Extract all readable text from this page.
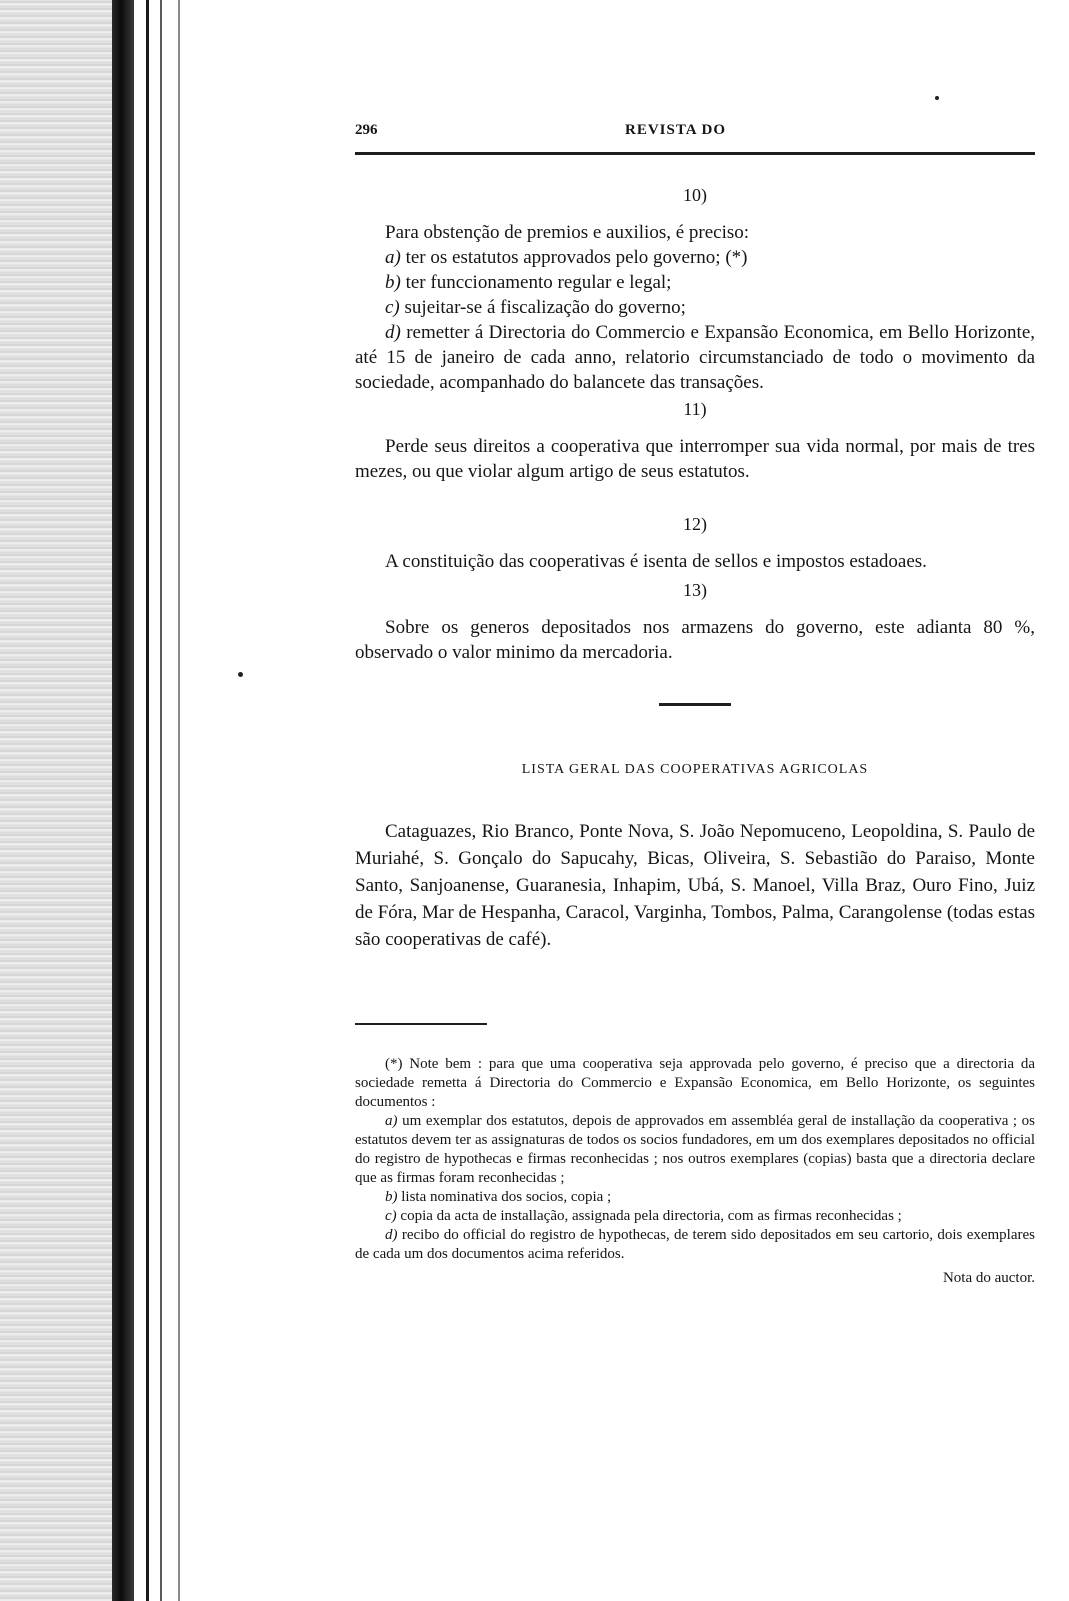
296	REVISTA DO
10)

Para obstenção de premios e auxilios, é preciso:

a) ter os estatutos approvados pelo governo; (*)

b) ter funccionamento regular e legal;

c) sujeitar-se á fiscalização do governo;

d) remetter á Directoria do Commercio e Expansão Economica, em Bello Horizonte, até 15 de janeiro de cada anno, relatorio circumstanciado de todo o movimento da sociedade, acompanhado do balancete das transações.

11)

Perde seus direitos a cooperativa que interromper sua vida normal, por mais de tres mezes, ou que violar algum artigo de seus estatutos.

12)

A constituição das cooperativas é isenta de sellos e impostos estadoaes.

13)

Sobre os generos depositados nos armazens do governo, este adianta 80 %, observado o valor minimo da mercadoria.

LISTA GERAL DAS COOPERATIVAS AGRICOLAS

Cataguazes, Rio Branco, Ponte Nova, S. João Nepomuceno, Leopoldina, S. Paulo de Muriahé, S. Gonçalo do Sapucahy, Bicas, Oliveira, S. Sebastião do Paraiso, Monte Santo, Sanjoanense, Guaranesia, Inhapim, Ubá, S. Manoel, Villa Braz, Ouro Fino, Juiz de Fóra, Mar de Hespanha, Caracol, Varginha, Tombos, Palma, Carangolense (todas estas são cooperativas de café).

(*) Note bem : para que uma cooperativa seja approvada pelo governo, é preciso que a directoria da sociedade remetta á Directoria do Commercio e Expansão Economica, em Bello Horizonte, os seguintes documentos :

a) um exemplar dos estatutos, depois de approvados em assembléa geral de installação da cooperativa ; os estatutos devem ter as assignaturas de todos os socios fundadores, em um dos exemplares depositados no official do registro de hypothecas e firmas reconhecidas ; nos outros exemplares (copias) basta que a directoria declare que as firmas foram reconhecidas ;

b) lista nominativa dos socios, copia ;

c) copia da acta de installação, assignada pela directoria, com as firmas reconhecidas ;

d) recibo do official do registro de hypothecas, de terem sido depositados em seu cartorio, dois exemplares de cada um dos documentos acima referidos.

Nota do auctor.
